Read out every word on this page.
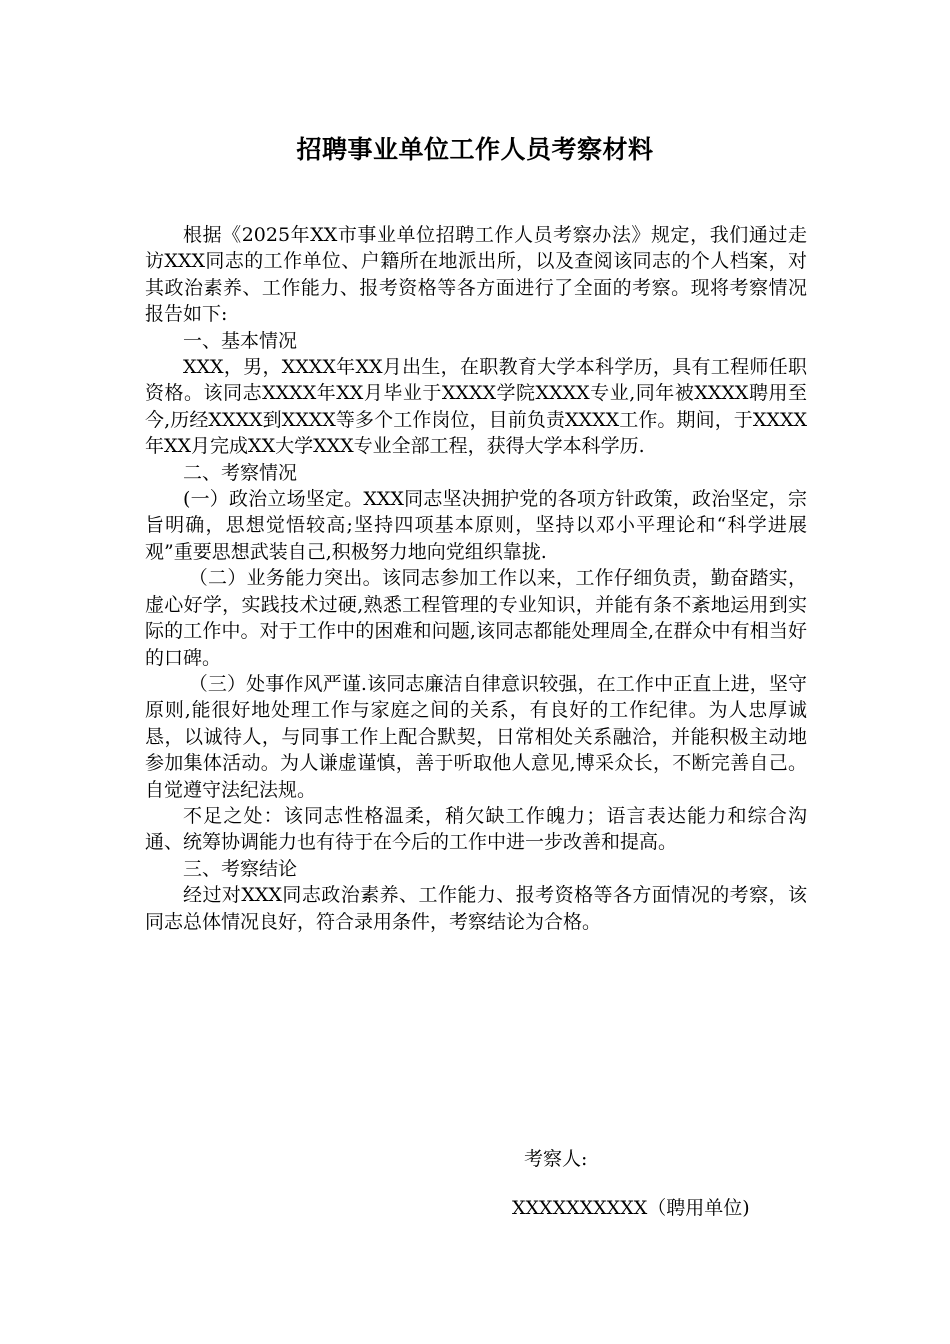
招聘事业单位工作人员考察材料

根据《2025年XX市事业单位招聘工作人员考察办法》规定，我们通过走访XXX同志的工作单位、户籍所在地派出所，以及查阅该同志的个人档案，对其政治素养、工作能力、报考资格等各方面进行了全面的考察。现将考察情况报告如下:

一、基本情况

XXX，男，XXXX年XX月出生，在职教育大学本科学历，具有工程师任职资格。该同志XXXX年XX月毕业于XXXX学院XXXX专业,同年被XXXX聘用至今,历经XXXX到XXXX等多个工作岗位，目前负责XXXX工作。期间，于XXXX年XX月完成XX大学XXX专业全部工程，获得大学本科学历.

二、考察情况

(一）政治立场坚定。XXX同志坚决拥护党的各项方针政策，政治坚定，宗旨明确，思想觉悟较高;坚持四项基本原则，坚持以邓小平理论和“科学进展观”重要思想武装自己,积极努力地向党组织靠拢.

（二）业务能力突出。该同志参加工作以来，工作仔细负责，勤奋踏实，虚心好学，实践技术过硬,熟悉工程管理的专业知识，并能有条不紊地运用到实际的工作中。对于工作中的困难和问题,该同志都能处理周全,在群众中有相当好的口碑。

（三）处事作风严谨.该同志廉洁自律意识较强，在工作中正直上进，坚守原则,能很好地处理工作与家庭之间的关系，有良好的工作纪律。为人忠厚诚恳，以诚待人，与同事工作上配合默契，日常相处关系融洽，并能积极主动地参加集体活动。为人谦虚谨慎，善于听取他人意见,博采众长，不断完善自己。自觉遵守法纪法规。

不足之处：该同志性格温柔，稍欠缺工作魄力；语言表达能力和综合沟通、统筹协调能力也有待于在今后的工作中进一步改善和提高。

三、考察结论

经过对XXX同志政治素养、工作能力、报考资格等各方面情况的考察，该同志总体情况良好，符合录用条件，考察结论为合格。

考察人:
XXXXXXXXXX（聘用单位)
